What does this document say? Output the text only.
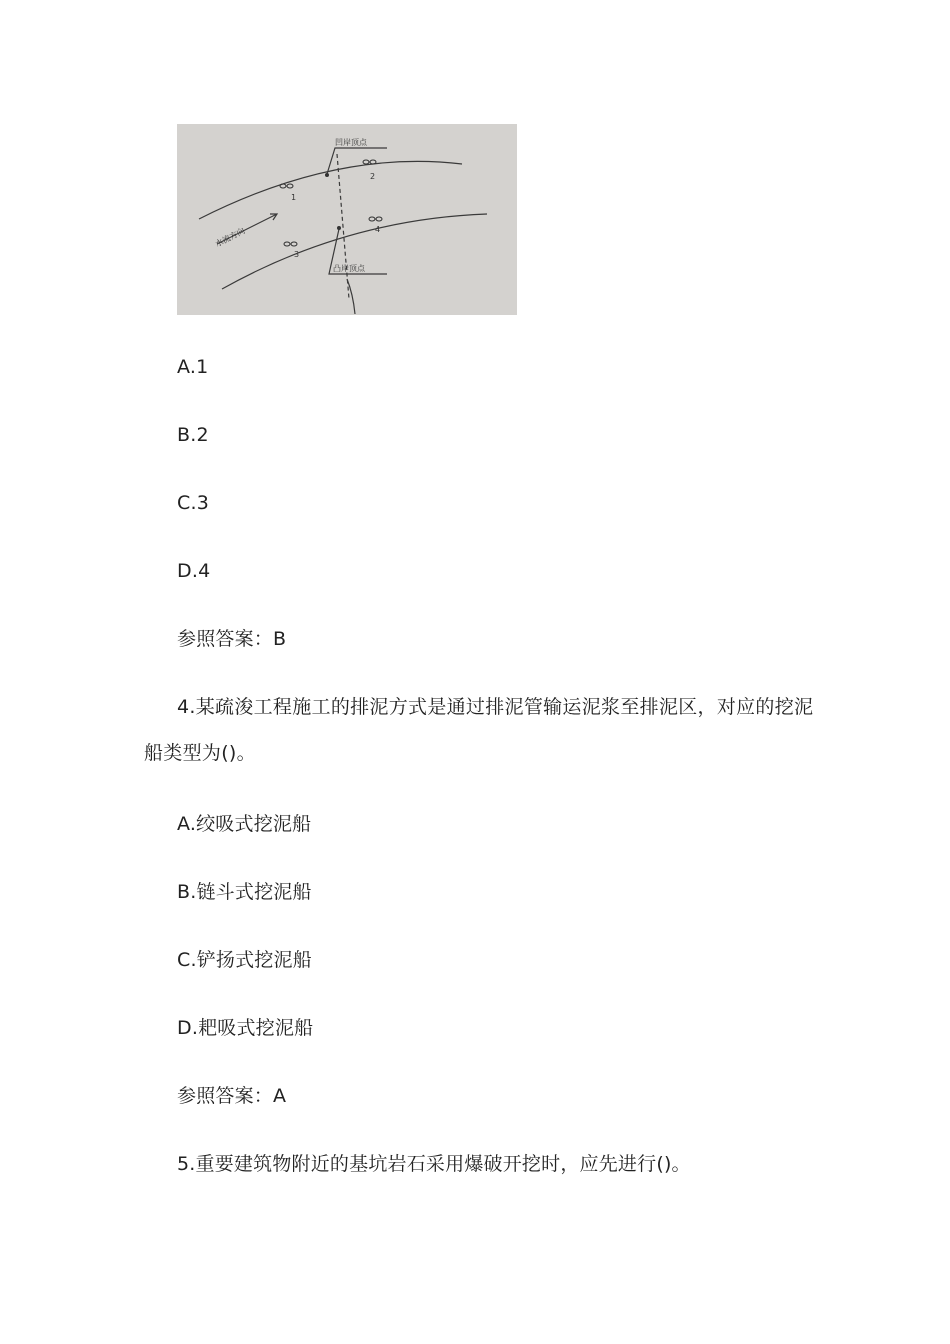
凹岸顶点
凸岸顶点
水流方向
1
2
3
4
A.1
B.2
C.3
D.4
参照答案：B
4.某疏浚工程施工的排泥方式是通过排泥管输运泥浆至排泥区，对应的挖泥
船类型为()。
A.绞吸式挖泥船
B.链斗式挖泥船
C.铲扬式挖泥船
D.耙吸式挖泥船
参照答案：A
5.重要建筑物附近的基坑岩石采用爆破开挖时，应先进行()。
